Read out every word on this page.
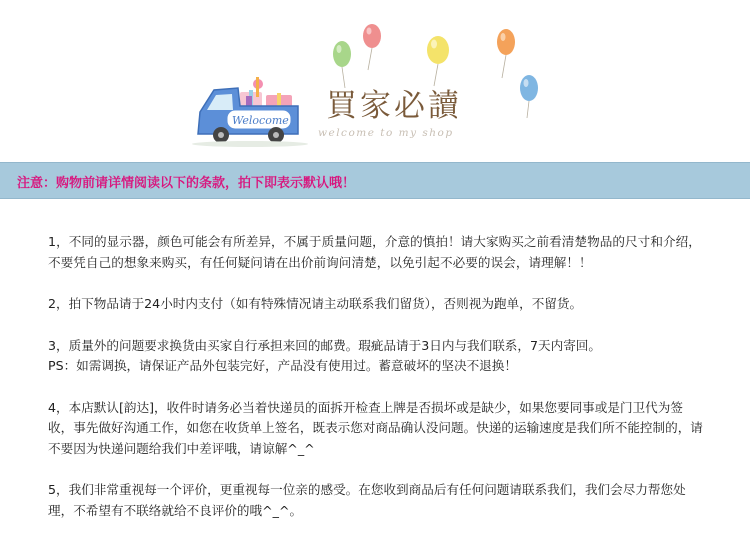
Welocome 買家必讀
welcome to my shop
注意：购物前请详情阅读以下的条款，拍下即表示默认哦！

1，不同的显示器，颜色可能会有所差异，不属于质量问题，介意的慎拍！请大家购买之前看清楚物品的尺寸和介绍，不要凭自己的想象来购买，有任何疑问请在出价前询问清楚，以免引起不必要的误会，请理解！！

2，拍下物品请于24小时内支付（如有特殊情况请主动联系我们留货），否则视为跑单，不留货。

3，质量外的问题要求换货由买家自行承担来回的邮费。瑕疵品请于3日内与我们联系，7天内寄回。
PS：如需调换，请保证产品外包装完好，产品没有使用过。蓄意破坏的坚决不退换！

4，本店默认[韵达]，收件时请务必当着快递员的面拆开检查上牌是否损坏或是缺少，如果您要同事或是门卫代为签收，事先做好沟通工作，如您在收货单上签名，既表示您对商品确认没问题。快递的运输速度是我们所不能控制的，请不要因为快递问题给我们中差评哦，请谅解^_^

5，我们非常重视每一个评价，更重视每一位亲的感受。在您收到商品后有任何问题请联系我们，我们会尽力帮您处理，不希望有不联络就给不良评价的哦^_^。
